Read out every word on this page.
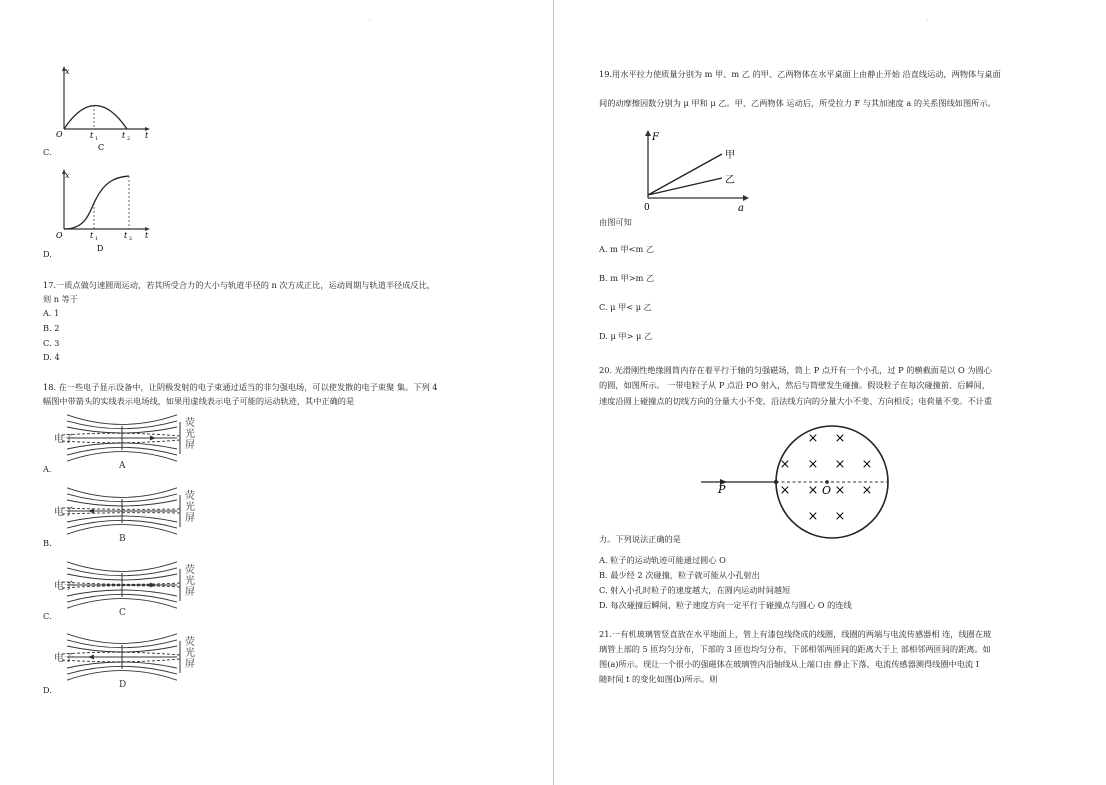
·
x
O	t 1	t 2 t
C
C.
x
O	t 1	t 2 t
D
D.
17.一质点做匀速圆周运动，若其所受合力的大小与轨道半径的 n 次方成正比，运动周期与轨道半径成反比，
则 n 等于
A. 1
B. 2
C. 3
D. 4
18. 在一些电子显示设备中，让阴极发射的电子束通过适当的非匀强电场，可以使发散的电子束聚 集。下列 4
幅图中带箭头的实线表示电场线，如果用虚线表示电子可能的运动轨迹，其中正确的是
电子
荧
光
屏
A
A.
电子
荧
光
屏
B
B.
电子
荧
光
屏
C
C.
电子
荧
光
屏
D
D.
·
19.用水平拉力使质量分别为 m 甲、m 乙 的甲、乙两物体在水平桌面上由静止开始 沿直线运动，两物体与桌面
间的动摩擦因数分别为 μ 甲和 μ 乙。甲、乙两物体 运动后，所受拉力 F 与其加速度 a 的关系图线如图所示。
F
0	a
甲
乙
由图可知
A. m 甲<m 乙
B. m 甲>m 乙
C. μ 甲< μ 乙
D. μ 甲> μ 乙
20. 光滑刚性绝缘圆筒内存在着平行于轴的匀强磁场，筒上 P 点开有一个小孔，过 P 的横截面是以 O 为圆心
的圆，如图所示。 一带电粒子从 P 点沿 PO 射入，然后与筒壁发生碰撞。假设粒子在每次碰撞前、后瞬间，
速度沿圆上碰撞点的切线方向的分量大小不变，沿法线方向的分量大小不变、方向相反；电荷量不变。不计重
× ×
× × × ×
× × × ×
× ×
P	O
力。下列说法正确的是
A. 粒子的运动轨迹可能通过圆心 O
B. 最少经 2 次碰撞，粒子就可能从小孔射出
C. 射入小孔时粒子的速度越大，在圆内运动时间越短
D. 每次碰撞后瞬间，粒子速度方向一定平行于碰撞点与圆心 O 的连线
21.一有机玻璃管竖直放在水平地面上，管上有漆包线绕成的线圈，线圈的两端与电流传感器相 连，线圈在玻
璃管上部的 5 匝均匀分布，下部的 3 匝也均匀分布，下部相邻两匝间的距离大于上 部相邻两匝间的距离。如
图(a)所示。现让一个很小的强磁体在玻璃管内沿轴线从上端口由 静止下落，电流传感器测得线圈中电流 I
随时间 t 的变化如图(b)所示。则
